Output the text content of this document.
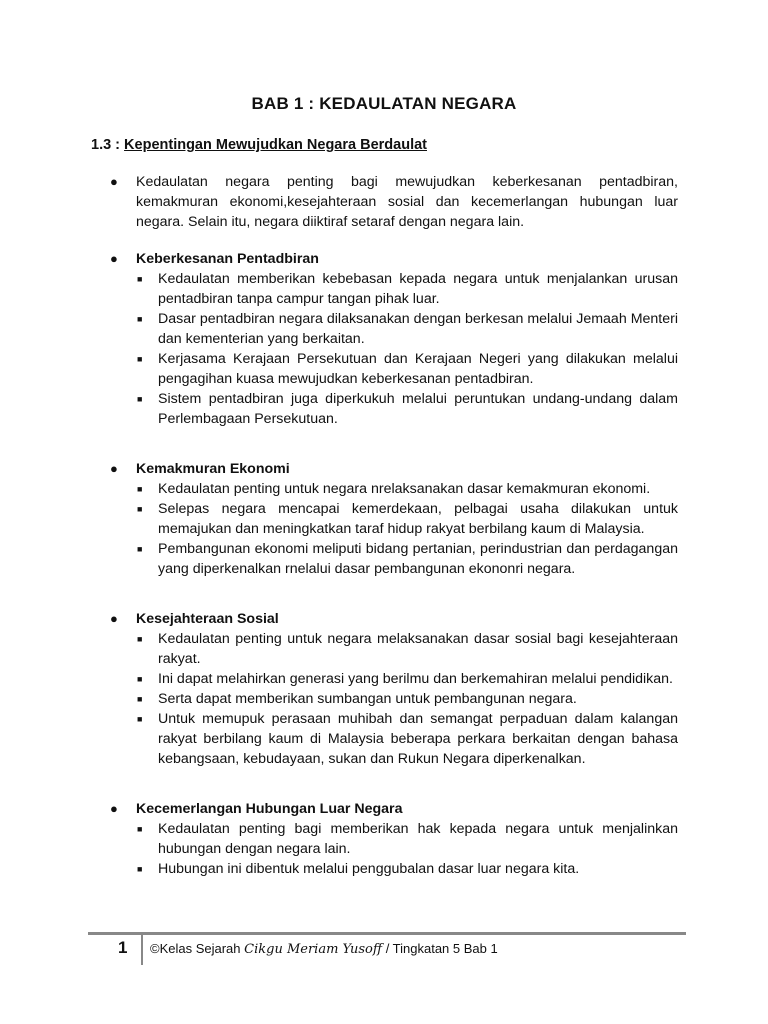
BAB 1 : KEDAULATAN NEGARA
1.3 : Kepentingan Mewujudkan Negara Berdaulat
●	Kedaulatan negara penting bagi mewujudkan keberkesanan pentadbiran, kemakmuran ekonomi,kesejahteraan sosial dan kecemerlangan hubungan luar negara. Selain itu, negara diiktiraf setaraf dengan negara lain.
●	Keberkesanan Pentadbiran
■	Kedaulatan memberikan kebebasan kepada negara untuk menjalankan urusan pentadbiran tanpa campur tangan pihak luar.
■	Dasar pentadbiran negara dilaksanakan dengan berkesan melalui Jemaah Menteri dan kementerian yang berkaitan.
■	Kerjasama Kerajaan Persekutuan dan Kerajaan Negeri yang dilakukan melalui pengagihan kuasa mewujudkan keberkesanan pentadbiran.
■	Sistem pentadbiran juga diperkukuh melalui peruntukan undang-undang dalam Perlembagaan Persekutuan.
●	Kemakmuran Ekonomi
■	Kedaulatan penting untuk negara nrelaksanakan dasar kemakmuran ekonomi.
■	Selepas negara mencapai kemerdekaan, pelbagai usaha dilakukan untuk memajukan dan meningkatkan taraf hidup rakyat berbilang kaum di Malaysia.
■	Pembangunan ekonomi meliputi bidang pertanian, perindustrian dan perdagangan yang diperkenalkan rnelalui dasar pembangunan ekononri negara.
●	Kesejahteraan Sosial
■	Kedaulatan penting untuk negara melaksanakan dasar sosial bagi kesejahteraan rakyat.
■	Ini dapat melahirkan generasi yang berilmu dan berkemahiran melalui pendidikan.
■	Serta dapat memberikan sumbangan untuk pembangunan negara.
■	Untuk memupuk perasaan muhibah dan semangat perpaduan dalam kalangan rakyat berbilang kaum di Malaysia beberapa perkara berkaitan dengan bahasa kebangsaan, kebudayaan, sukan dan Rukun Negara diperkenalkan.
●	Kecemerlangan Hubungan Luar Negara
■	Kedaulatan penting bagi memberikan hak kepada negara untuk menjalinkan hubungan dengan negara lain.
■	Hubungan ini dibentuk melalui penggubalan dasar luar negara kita.
1 ©Kelas Sejarah Cikgu Meriam Yusoff / Tingkatan 5 Bab 1
